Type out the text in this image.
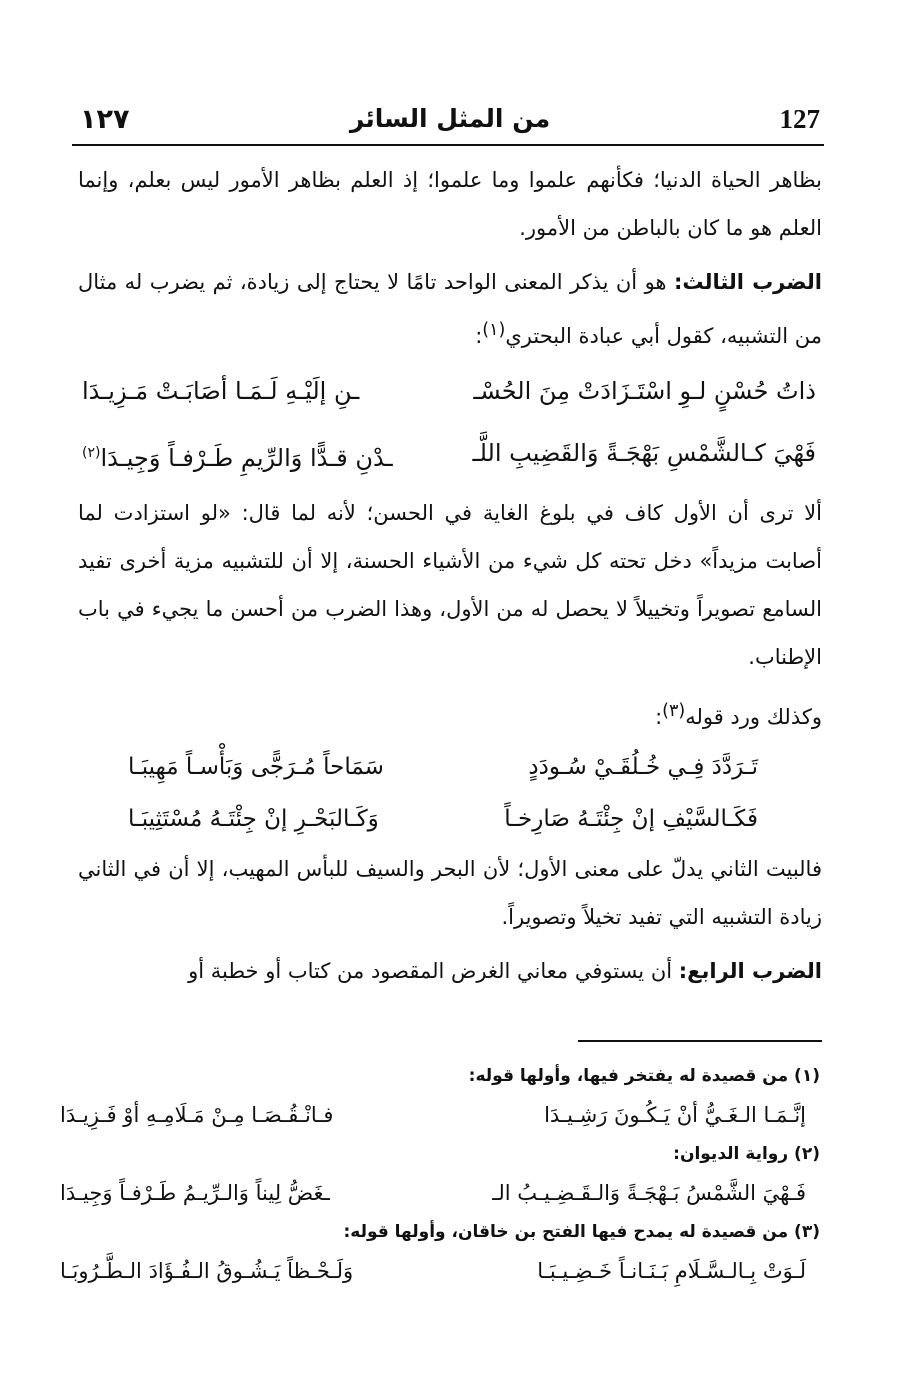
١٢٧	من المثل السائر	127

بظاهر الحياة الدنيا؛ فكأنهم علموا وما علموا؛ إذ العلم بظاهر الأمور ليس بعلم، وإنما العلم هو ما كان بالباطن من الأمور.

الضرب الثالث: هو أن يذكر المعنى الواحد تامًا لا يحتاج إلى زيادة، ثم يضرب له مثال من التشبيه، كقول أبي عبادة البحتري$^{(١)}$:

ذاتُ حُسْنٍ لـوِ اسْتَـزَادَتْ مِنَ الحُسْـ
ـنِ إلَيْـهِ لَـمَـا أصَابَـتْ مَـزِيـدَا
فَهْيَ كـالشَّمْسِ بَهْجَـةً وَالقَضِيبِ اللَّـ
ـدْنِ قـدًّا وَالرِّيمِ طَـرْفـاً وَجِيـدَا$^{(٢)}$

ألا ترى أن الأول كاف في بلوغ الغاية في الحسن؛ لأنه لما قال: «لو استزادت لما أصابت مزيداً» دخل تحته كل شيء من الأشياء الحسنة، إلا أن للتشبيه مزية أخرى تفيد السامع تصويراً وتخييلاً لا يحصل له من الأول، وهذا الضرب من أحسن ما يجيء في باب الإطناب.

وكذلك ورد قوله$^{(٣)}$:

تَـرَدَّدَ فِـي خُـلُقَـيْ سُـودَدٍ
سَمَاحاً مُـرَجًّى وَبَأْسـاً مَهِيبَـا
فَكَـالسَّيْفِ إنْ جِئْتَـهُ صَارِخـاً
وَكَـالبَحْـرِ إنْ جِئْتَـهُ مُسْتَثِيبَـا

فالبيت الثاني يدلّ على معنى الأول؛ لأن البحر والسيف للبأس المهيب، إلا أن في الثاني زيادة التشبيه التي تفيد تخيلاً وتصويراً.

الضرب الرابع: أن يستوفي معاني الغرض المقصود من كتاب أو خطبة أو

(١) من قصيدة له يفتخر فيها، وأولها قوله:
إنَّـمَـا الـغَـيُّ أنْ يَـكُـونَ رَشِـيـدَا
فـانْـقُـصَـا مِـنْ مَـلَامِـهِ أوْ فَـزِيـدَا
(٢) رواية الديوان:
فَـهْيَ الشَّمْسُ بَـهْجَـةً وَالـقَـضِـيـبُ الـ
ـغَضُّ لِيناً وَالـرِّيـمُ طَـرْفـاً وَجِيـدَا
(٣) من قصيدة له يمدح فيها الفتح بن خاقان، وأولها قوله:
لَـوَتْ بِـالـسَّـلَامِ بَـنَـانـاً خَـضِـيـبَـا
وَلَـحْـظاً يَـشُـوقُ الـفُـؤَادَ الـطَّـرُوبَـا
